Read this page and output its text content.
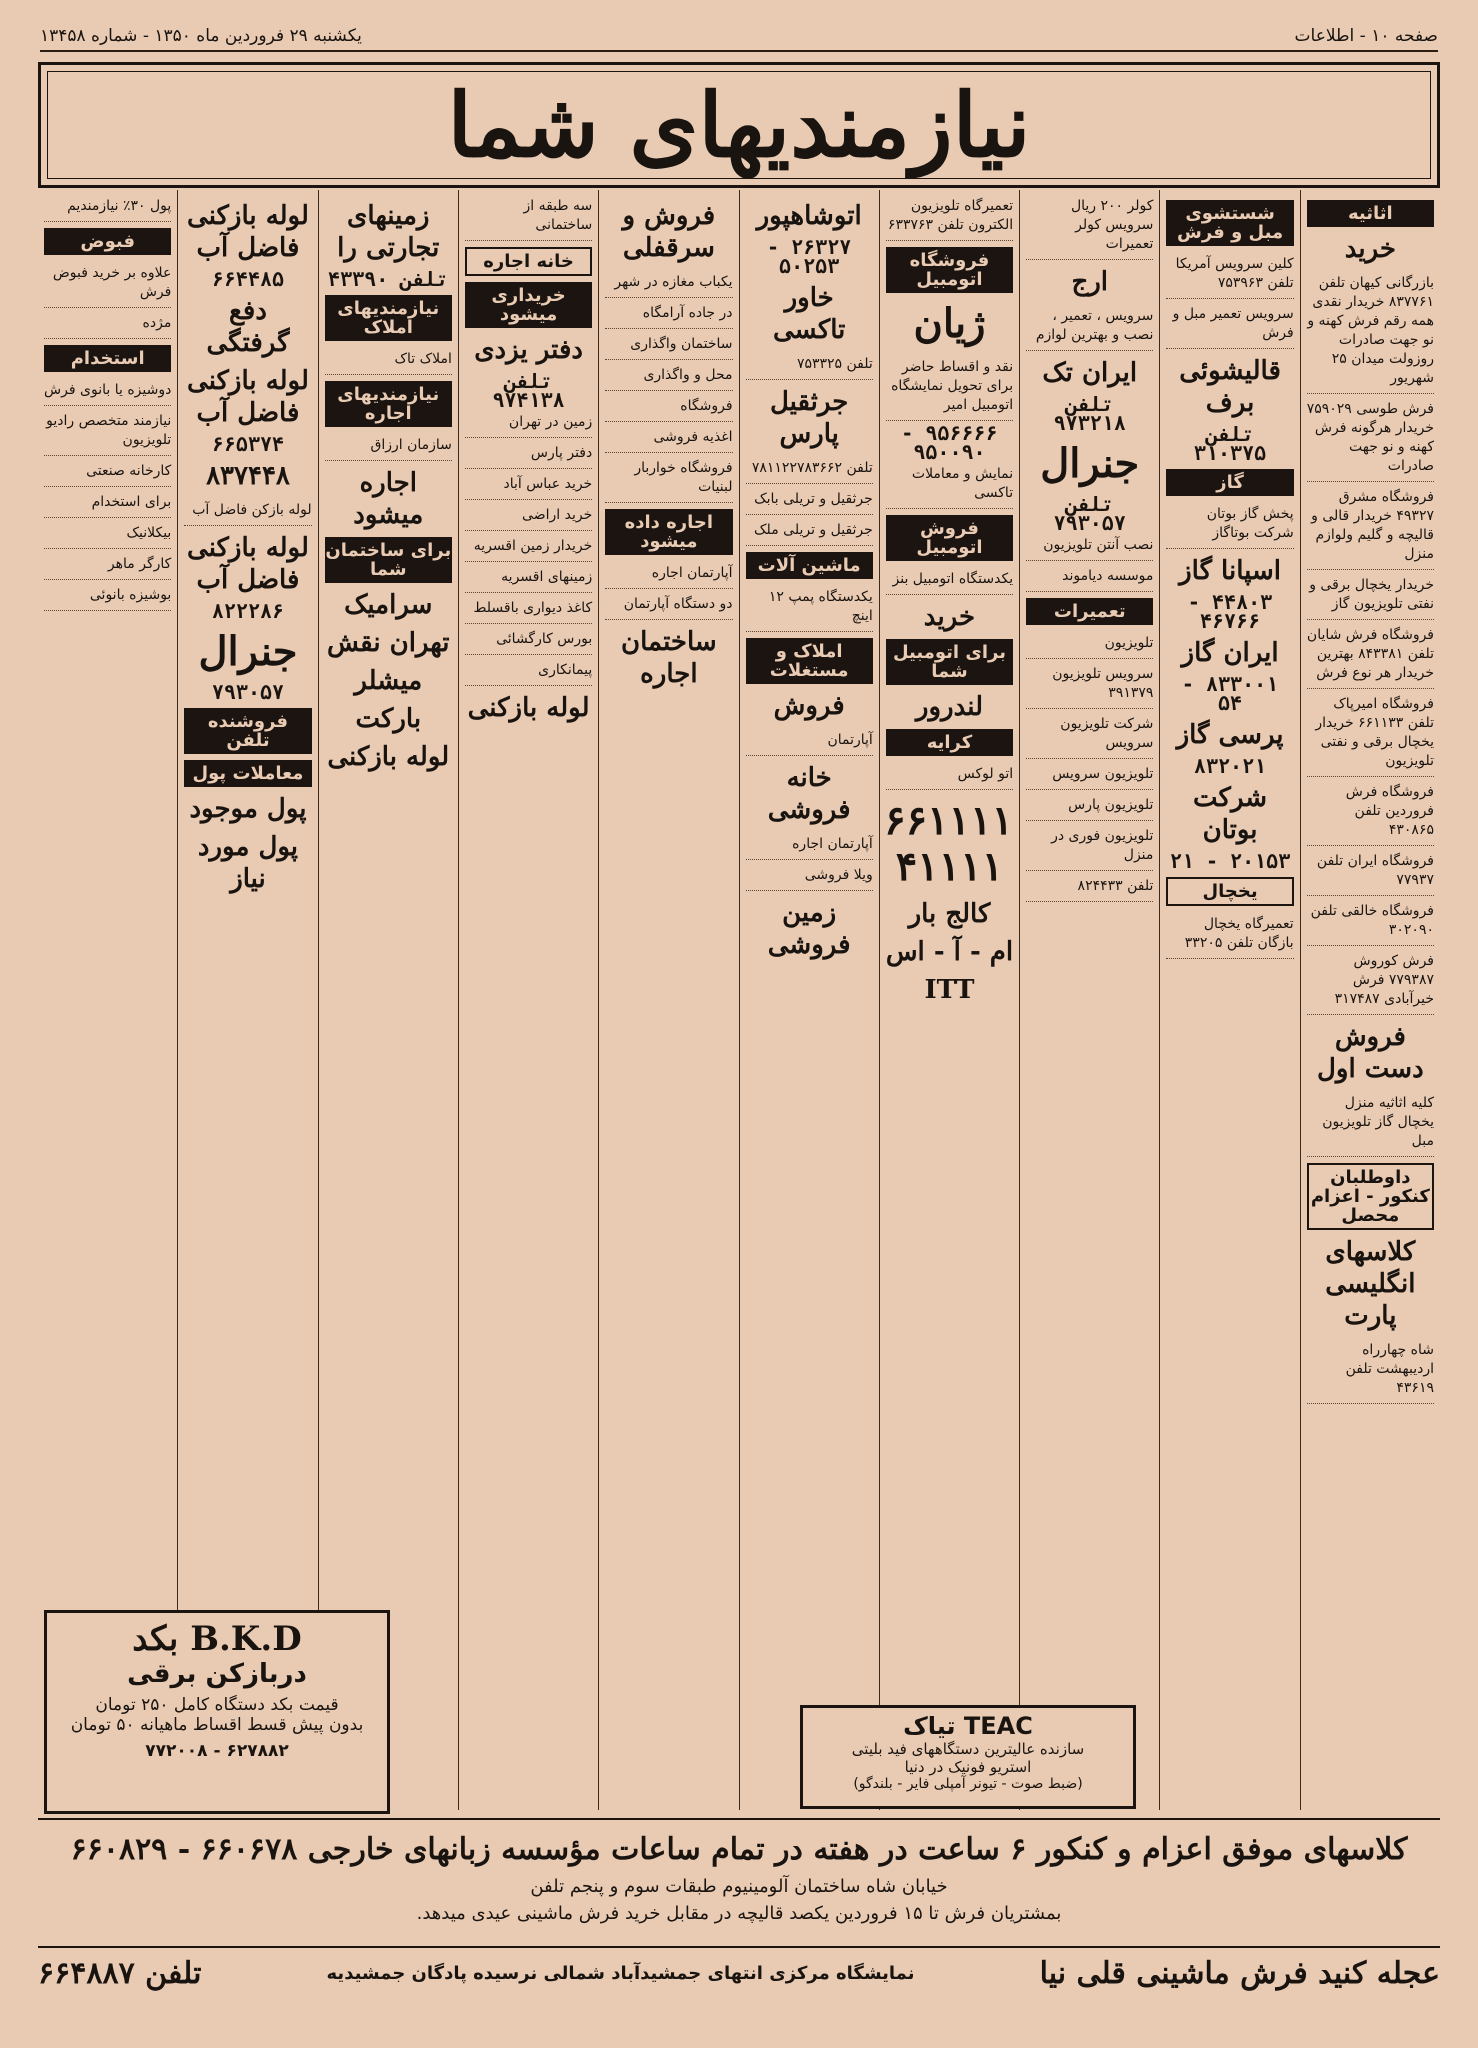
صفحه ۱۰ - اطلاعات
یکشنبه ۲۹ فروردین ماه ۱۳۵۰ - شماره ۱۳۴۵۸
نیازمندیهای شما
اثاثیه
خرید
بازرگانی کیهان تلفن ۸۳۷۷۶۱ خریدار نقدی همه رقم فرش کهنه و نو جهت صادرات روزولت میدان ۲۵ شهریور
فرش طوسی ۷۵۹۰۲۹ خریدار هرگونه فرش کهنه و نو جهت صادرات
فروشگاه مشرق ۴۹۳۲۷ خریدار قالی و قالیچه و گلیم ولوازم منزل
خریدار یخچال برقی و نفتی تلویزیون گاز
فروشگاه فرش شایان تلفن ۸۴۳۳۸۱ بهترین خریدار هر نوع فرش
فروشگاه امیرپاک تلفن ۶۶۱۱۳۳ خریدار یخچال برقی و نفتی تلویزیون
فروشگاه فرش فروردین تلفن ۴۳۰۸۶۵
فروشگاه ایران تلفن ۷۷۹۳۷
فروشگاه خالقی تلفن ۳۰۲۰۹۰
فرش کوروش ۷۷۹۳۸۷ فرش خیرآبادی ۳۱۷۴۸۷
فروش دست اول
کلیه اثاثیه منزل یخچال گاز تلویزیون مبل
داوطلبان کنکور - اعزام محصل
کلاسهای انگلیسی پارت
شاه چهارراه اردیبهشت تلفن ۴۳۶۱۹
شستشوی مبل و فرش
کلین سرویس آمریکا تلفن ۷۵۳۹۶۳
سرویس تعمیر مبل و فرش
قالیشوئی برف
تلفن ۳۱۰۳۷۵
گاز
پخش گاز بوتان شرکت بوتاگاز
اسپانا گاز
۴۴۸۰۳ - ۴۶۷۶۶
ایران گاز
۸۳۳۰۰۱ - ۵۴
پرسی گاز
۸۳۲۰۲۱
شرکت بوتان
۲۰۱۵۳ - ۲۱
یخچال
تعمیرگاه یخچال بازگان تلفن ۳۳۲۰۵
کولر ۲۰۰ ریال سرویس کولر تعمیرات
ارج
سرویس ، تعمیر ، نصب و بهترین لوازم
ایران تک
تلفن ۹۷۳۲۱۸
جنرال
تلفن ۷۹۳۰۵۷
نصب آنتن تلویزیون
موسسه دیاموند
تعمیرات
تلویزیون
سرویس تلویزیون ۳۹۱۳۷۹
شرکت تلویزیون سرویس
تلویزیون سرویس
تلویزیون پارس
تلویزیون فوری در منزل
تلفن ۸۲۴۴۳۳
تعمیرگاه تلویزیون الکترون تلفن ۶۳۳۷۶۳
فروشگاه اتومبیل
ژیان
نقد و اقساط حاضر برای تحویل نمایشگاه اتومبیل امیر
۹۵۶۶۶۶ - ۹۵۰۰۹۰
نمایش و معاملات تاکسی
فروش اتومبیل
یکدستگاه اتومبیل بنز
خرید
برای اتومبیل شما
لندرور
کرایه
اتو لوکس
۶۶۱۱۱۱ ۴۱۱۱۱
کالج بار
ام - آ - اس
ITT
اتوشاهپور
۲۶۳۲۷ - ۵۰۲۵۳
خاور تاکسی
تلفن ۷۵۳۳۲۵
جرثقیل پارس
تلفن ۷۸۱۱۲۲۷۸۳۶۶۲
جرثقیل و تریلی بابک
جرثقیل و تریلی ملک
ماشین آلات
یکدستگاه پمپ ۱۲ اینچ
املاک و مستغلات
فروش
آپارتمان
خانه فروشی
آپارتمان اجاره
ویلا فروشی
زمین فروشی
فروش و سرقفلی
یکباب مغازه در شهر
در جاده آرامگاه
ساختمان واگذاری
محل و واگذاری
فروشگاه
اغذیه فروشی
فروشگاه خواربار لبنیات
اجاره داده میشود
آپارتمان اجاره
دو دستگاه آپارتمان
ساختمان اجاره
سه طبقه از ساختمانی
خانه اجاره
خریداری میشود
دفتر یزدی
تلفن ۹۷۴۱۳۸
زمین در تهران
دفتر پارس
خرید عباس آباد
خرید اراضی
خریدار زمین اقسریه
زمینهای اقسریه
کاغذ دیواری باقسلط
بورس کارگشائی
پیمانکاری
لوله بازکنی
زمینهای تجارتی را
تلفن ۴۳۳۹۰
نیازمندیهای املاک
املاک تاک
نیازمندیهای اجاره
سازمان ارزاق
اجاره میشود
برای ساختمان شما
سرامیک
تهران نقش
میشلر
بارکت
لوله بازکنی
لوله بازکنی فاضل آب
۶۶۴۴۸۵
دفع گرفتگی
لوله بازکنی فاضل آب
۶۶۵۳۷۴
۸۳۷۴۴۸
لوله بازکن فاضل آب
لوله بازکنی فاضل آب
۸۲۲۲۸۶
جنرال
۷۹۳۰۵۷
فروشنده تلفن
معاملات پول
پول موجود
پول مورد نیاز
پول ۳۰٪ نیازمندیم
فبوض
علاوه بر خرید فبوض فرش
مژده
استخدام
دوشیزه یا بانوی فرش
نیازمند متخصص رادیو تلویزیون
کارخانه صنعتی
برای استخدام
بیکلانیک
کارگر ماهر
بوشیزه بانوئی
B.K.D بکد
دربازکن برقی
قیمت بکد دستگاه کامل ۲۵۰ تومان
بدون پیش قسط اقساط ماهیانه ۵۰ تومان
۶۲۷۸۸۲ - ۷۷۲۰۰۸
TEAC تیاک
سازنده عالیترین دستگاههای فید بلیتی
استریو فونیک در دنیا
(ضبط صوت - تیونر آمپلی فایر - بلندگو)
کلاسهای موفق اعزام و کنکور ۶ ساعت در هفته در تمام ساعات مؤسسه زبانهای خارجی ۶۶۰۶۷۸ - ۶۶۰۸۲۹
خیابان شاه ساختمان آلومینیوم طبقات سوم و پنجم تلفن
بمشتریان فرش تا ۱۵ فروردین یکصد قالیچه در مقابل خرید فرش ماشینی عیدی میدهد.
عجله کنید فرش ماشینی قلی نیا
نمایشگاه مرکزی انتهای جمشیدآباد شمالی نرسیده پادگان جمشیدیه
تلفن ۶۶۴۸۸۷
